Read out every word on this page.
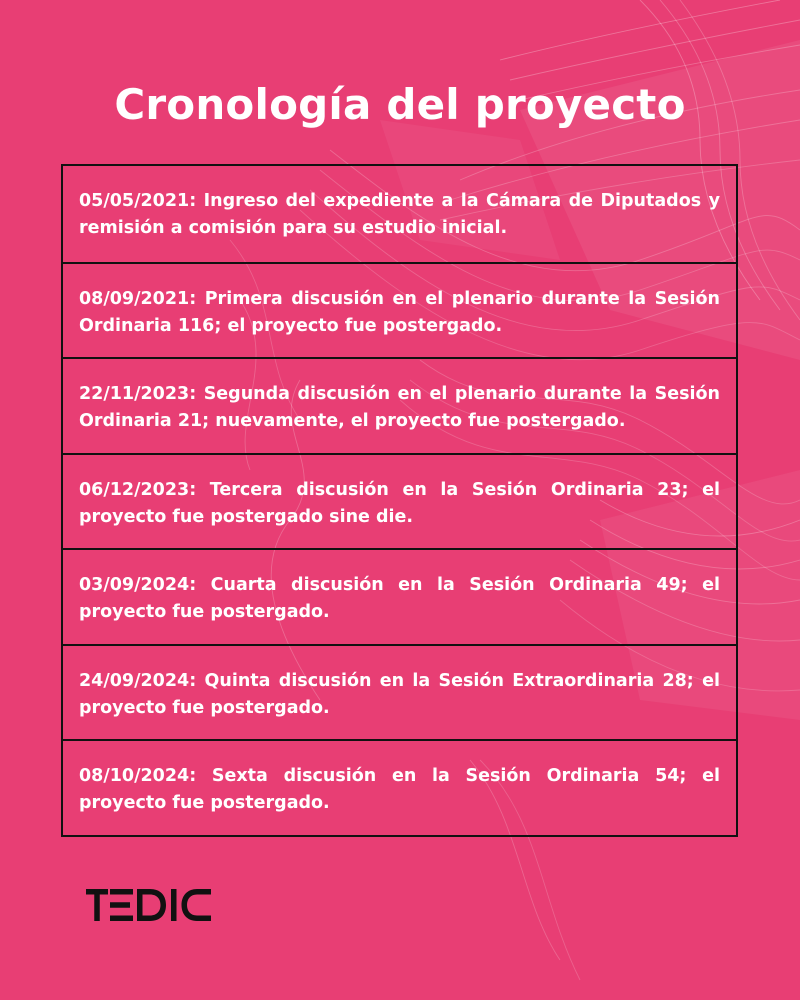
Cronología del proyecto
05/05/2021: Ingreso del expediente a la Cámara de Diputados y remisión a comisión para su estudio inicial.
08/09/2021: Primera discusión en el plenario durante la Sesión Ordinaria 116; el proyecto fue postergado.
22/11/2023: Segunda discusión en el plenario durante la Sesión Ordinaria 21; nuevamente, el proyecto fue postergado.
06/12/2023: Tercera discusión en la Sesión Ordinaria 23; el proyecto fue postergado sine die.
03/09/2024: Cuarta discusión en la Sesión Ordinaria 49; el proyecto fue postergado.
24/09/2024: Quinta discusión en la Sesión Extraordinaria 28; el proyecto fue postergado.
08/10/2024: Sexta discusión en la Sesión Ordinaria 54; el proyecto fue postergado.
